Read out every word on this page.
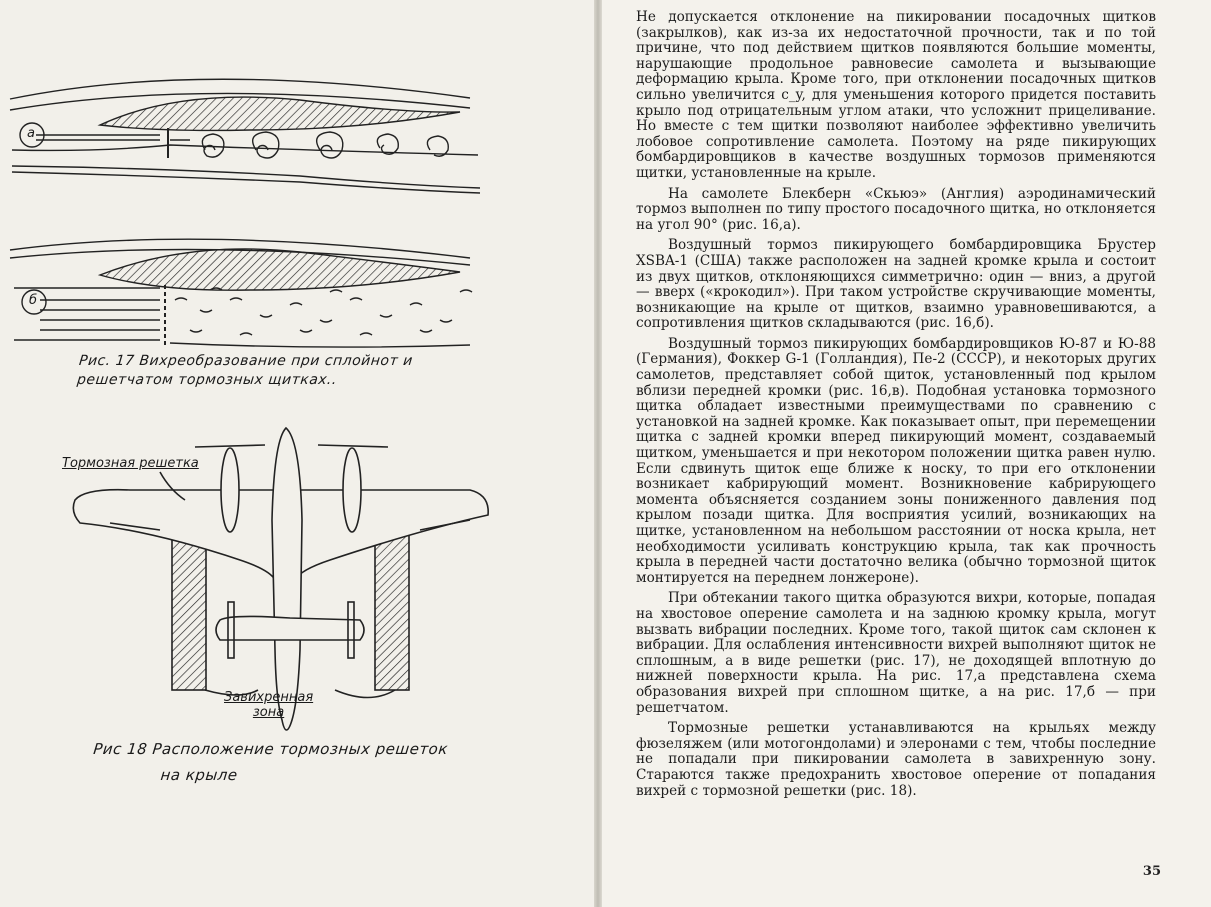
а
б
Рис. 17 Вихреобразование при сплойнот и
решетчатом тормозных щитках..
Тормозная решетка
Завихренная
зона
Рис 18 Расположение тормозных решеток
на крыле

Не допускается отклонение на пикировании посадочных щитков (закрылков), как из-за их недостаточной прочности, так и по той причине, что под действием щитков появляются большие моменты, нарушающие продольное равновесие самолета и вызывающие деформацию крыла. Кроме того, при отклонении посадочных щитков сильно увеличится c_y, для уменьшения которого придется поставить крыло под отрицательным углом атаки, что усложнит прицеливание. Но вместе с тем щитки позволяют наиболее эффективно увеличить лобовое сопротивление самолета. Поэтому на ряде пикирующих бомбардировщиков в качестве воздушных тормозов применяются щитки, установленные на крыле.

На самолете Блекберн «Скьюэ» (Англия) аэродинамический тормоз выполнен по типу простого посадочного щитка, но отклоняется на угол 90° (рис. 16,а).

Воздушный тормоз пикирующего бомбардировщика Брустер XSBA-1 (США) также расположен на задней кромке крыла и состоит из двух щитков, отклоняющихся симметрично: один — вниз, а другой — вверх («крокодил»). При таком устройстве скручивающие моменты, возникающие на крыле от щитков, взаимно уравновешиваются, а сопротивления щитков складываются (рис. 16,б).

Воздушный тормоз пикирующих бомбардировщиков Ю-87 и Ю-88 (Германия), Фоккер G-1 (Голландия), Пе-2 (СССР), и некоторых других самолетов, представляет собой щиток, установленный под крылом вблизи передней кромки (рис. 16,в). Подобная установка тормозного щитка обладает известными преимуществами по сравнению с установкой на задней кромке. Как показывает опыт, при перемещении щитка с задней кромки вперед пикирующий момент, создаваемый щитком, уменьшается и при некотором положении щитка равен нулю. Если сдвинуть щиток еще ближе к носку, то при его отклонении возникает кабрирующий момент. Возникновение кабрирующего момента объясняется созданием зоны пониженного давления под крылом позади щитка. Для восприятия усилий, возникающих на щитке, установленном на небольшом расстоянии от носка крыла, нет необходимости усиливать конструкцию крыла, так как прочность крыла в передней части достаточно велика (обычно тормозной щиток монтируется на переднем лонжероне).

При обтекании такого щитка образуются вихри, которые, попадая на хвостовое оперение самолета и на заднюю кромку крыла, могут вызвать вибрации последних. Кроме того, такой щиток сам склонен к вибрации. Для ослабления интенсивности вихрей выполняют щиток не сплошным, а в виде решетки (рис. 17), не доходящей вплотную до нижней поверхности крыла. На рис. 17,а представлена схема образования вихрей при сплошном щитке, а на рис. 17,б — при решетчатом.

Тормозные решетки устанавливаются на крыльях между фюзеляжем (или мотогондолами) и элеронами с тем, чтобы последние не попадали при пикировании самолета в завихренную зону. Стараются также предохранить хвостовое оперение от попадания вихрей с тормозной решетки (рис. 18).

35
